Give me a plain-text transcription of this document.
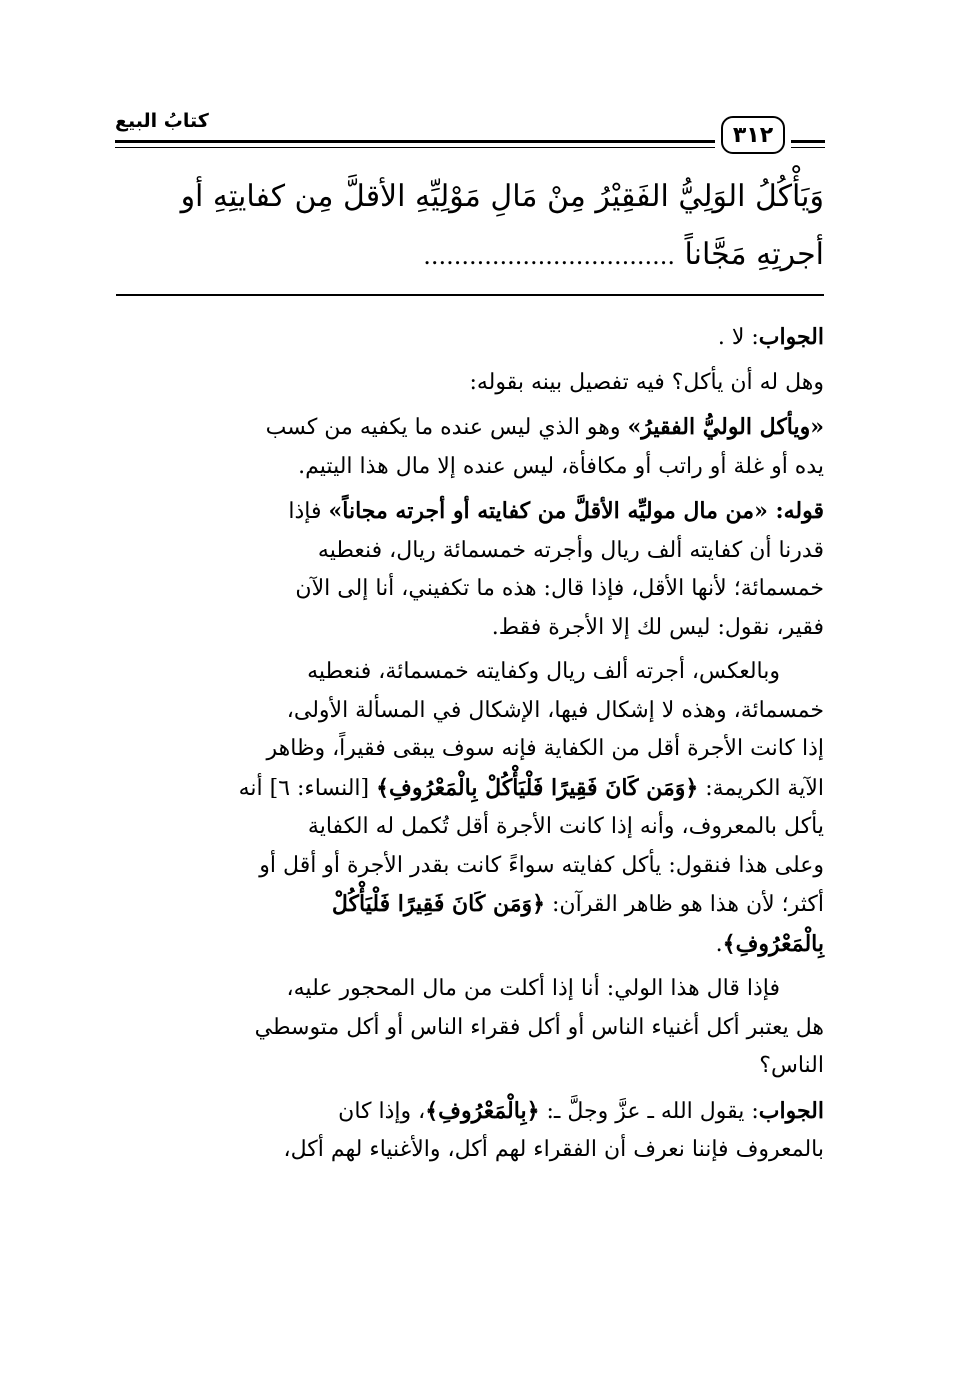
كتابُ البيع
٣١٢
وَيَأْكُلُ الوَلِيُّ الفَقِيْرُ مِنْ مَالِ مَوْلِيِّهِ الأقلَّ مِن كفايتِهِ أو
أجرتِهِ مَجَّاناً .................................

الجواب: لا .

وهل له أن يأكل؟ فيه تفصيل بينه بقوله:

«ويأكل الوليُّ الفقيرُ» وهو الذي ليس عنده ما يكفيه من كسب
يده أو غلة أو راتب أو مكافأة، ليس عنده إلا مال هذا اليتيم.

قوله: «من مال موليِّه الأقلَّ من كفايته أو أجرته مجاناً» فإذا
قدرنا أن كفايته ألف ريال وأجرته خمسمائة ريال، فنعطيه
خمسمائة؛ لأنها الأقل، فإذا قال: هذه ما تكفيني، أنا إلى الآن
فقير، نقول: ليس لك إلا الأجرة فقط.

وبالعكس، أجرته ألف ريال وكفايته خمسمائة، فنعطيه
خمسمائة، وهذه لا إشكال فيها، الإشكال في المسألة الأولى،
إذا كانت الأجرة أقل من الكفاية فإنه سوف يبقى فقيراً، وظاهر
الآية الكريمة: ﴿وَمَن كَانَ فَقِيرًا فَلْيَأْكُلْ بِالْمَعْرُوفِ﴾ [النساء: ٦] أنه
يأكل بالمعروف، وأنه إذا كانت الأجرة أقل تُكمل له الكفاية
وعلى هذا فنقول: يأكل كفايته سواءً كانت بقدر الأجرة أو أقل أو
أكثر؛ لأن هذا هو ظاهر القرآن: ﴿وَمَن كَانَ فَقِيرًا فَلْيَأْكُلْ
بِالْمَعْرُوفِ﴾.

فإذا قال هذا الولي: أنا إذا أكلت من مال المحجور عليه،
هل يعتبر أكل أغنياء الناس أو أكل فقراء الناس أو أكل متوسطي
الناس؟

الجواب: يقول الله ـ عزَّ وجلَّ ـ: ﴿بِالْمَعْرُوفِ﴾، وإذا كان
بالمعروف فإننا نعرف أن الفقراء لهم أكل، والأغنياء لهم أكل،
